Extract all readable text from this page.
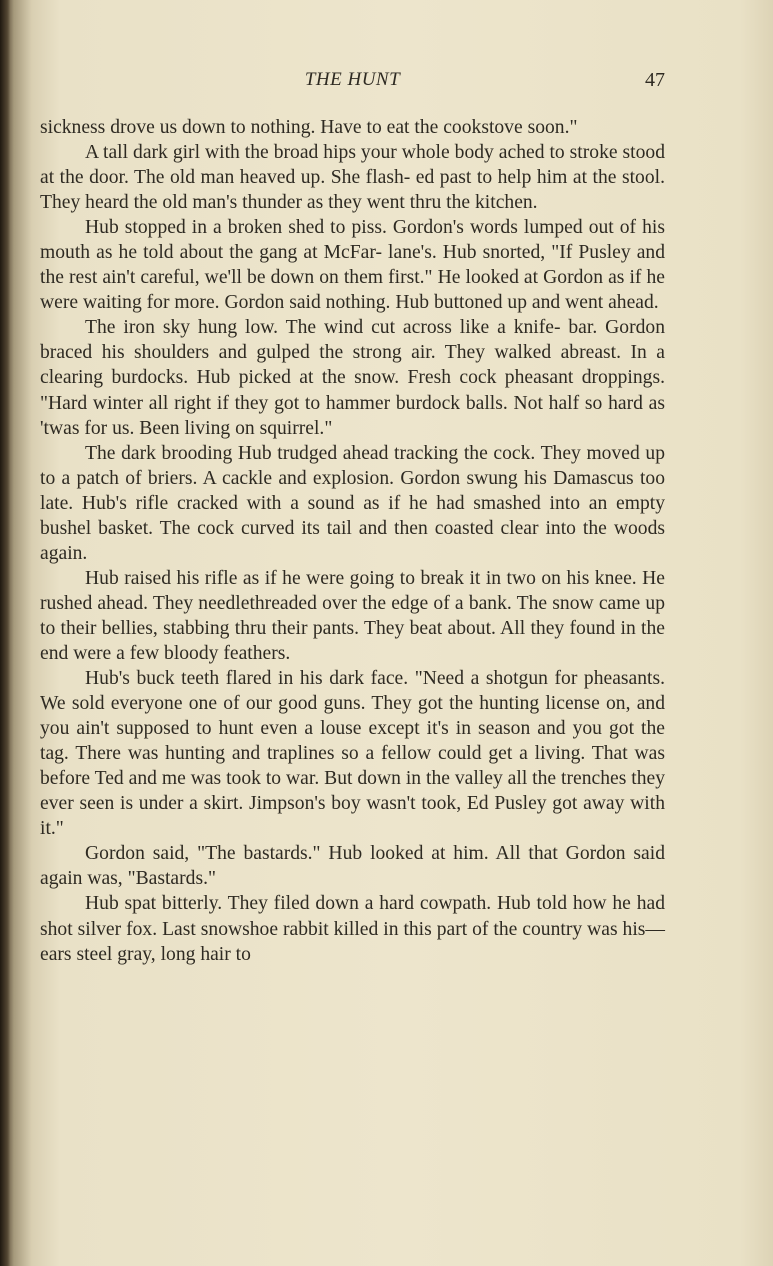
THE HUNT	47

sickness drove us down to nothing. Have to eat the cookstove soon."

A tall dark girl with the broad hips your whole body ached to stroke stood at the door. The old man heaved up. She flash- ed past to help him at the stool. They heard the old man's thunder as they went thru the kitchen.

Hub stopped in a broken shed to piss. Gordon's words lumped out of his mouth as he told about the gang at McFar- lane's. Hub snorted, "If Pusley and the rest ain't careful, we'll be down on them first." He looked at Gordon as if he were waiting for more. Gordon said nothing. Hub buttoned up and went ahead.

The iron sky hung low. The wind cut across like a knife- bar. Gordon braced his shoulders and gulped the strong air. They walked abreast. In a clearing burdocks. Hub picked at the snow. Fresh cock pheasant droppings. "Hard winter all right if they got to hammer burdock balls. Not half so hard as 'twas for us. Been living on squirrel."

The dark brooding Hub trudged ahead tracking the cock. They moved up to a patch of briers. A cackle and explosion. Gordon swung his Damascus too late. Hub's rifle cracked with a sound as if he had smashed into an empty bushel basket. The cock curved its tail and then coasted clear into the woods again.

Hub raised his rifle as if he were going to break it in two on his knee. He rushed ahead. They needlethreaded over the edge of a bank. The snow came up to their bellies, stabbing thru their pants. They beat about. All they found in the end were a few bloody feathers.

Hub's buck teeth flared in his dark face. "Need a shotgun for pheasants. We sold everyone one of our good guns. They got the hunting license on, and you ain't supposed to hunt even a louse except it's in season and you got the tag. There was hunting and traplines so a fellow could get a living. That was before Ted and me was took to war. But down in the valley all the trenches they ever seen is under a skirt. Jimpson's boy wasn't took, Ed Pusley got away with it."

Gordon said, "The bastards." Hub looked at him. All that Gordon said again was, "Bastards."

Hub spat bitterly. They filed down a hard cowpath. Hub told how he had shot silver fox. Last snowshoe rabbit killed in this part of the country was his—ears steel gray, long hair to
